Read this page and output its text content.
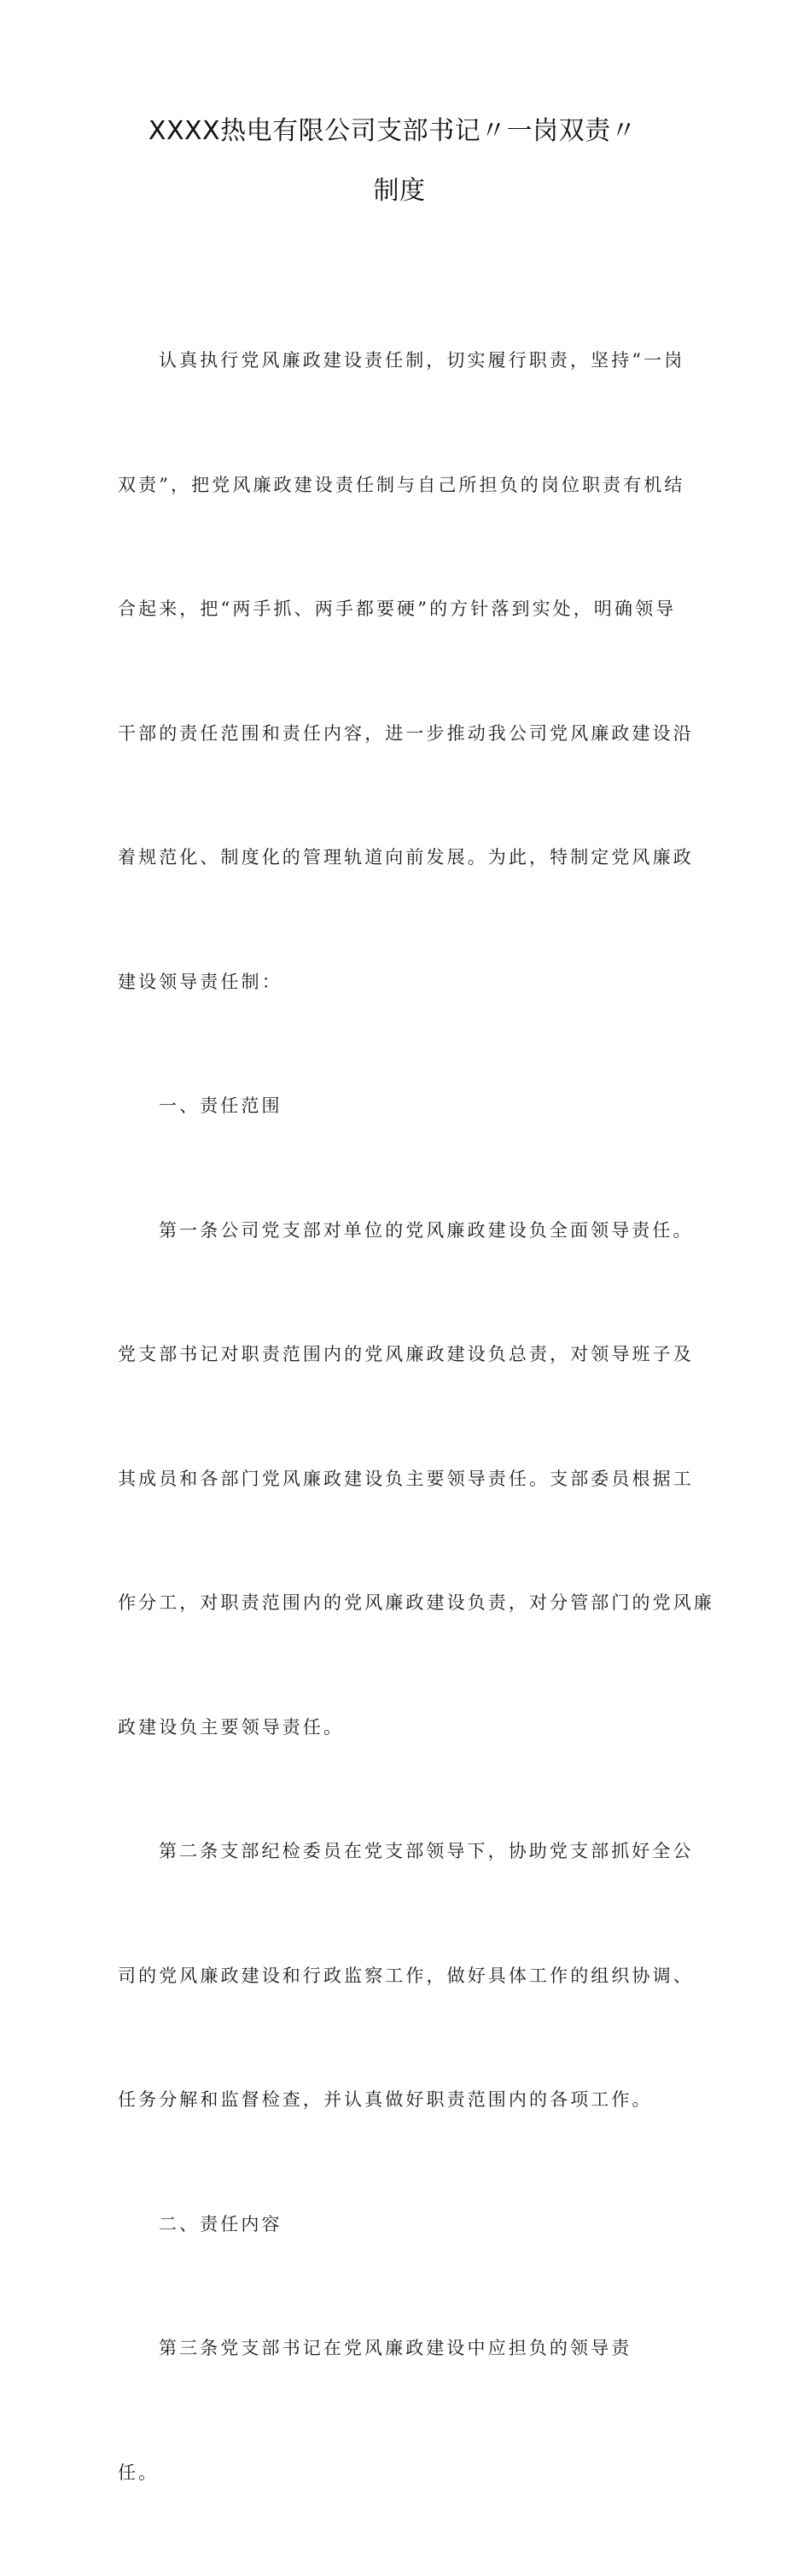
XXXX热电有限公司支部书记〃一岗双责〃
制度

认真执行党风廉政建设责任制，切实履行职责，坚持“一岗

双责”，把党风廉政建设责任制与自己所担负的岗位职责有机结

合起来，把“两手抓、两手都要硬”的方针落到实处，明确领导

干部的责任范围和责任内容，进一步推动我公司党风廉政建设沿

着规范化、制度化的管理轨道向前发展。为此，特制定党风廉政

建设领导责任制：

一、责任范围

第一条公司党支部对单位的党风廉政建设负全面领导责任。

党支部书记对职责范围内的党风廉政建设负总责，对领导班子及

其成员和各部门党风廉政建设负主要领导责任。支部委员根据工

作分工，对职责范围内的党风廉政建设负责，对分管部门的党风廉

政建设负主要领导责任。

第二条支部纪检委员在党支部领导下，协助党支部抓好全公

司的党风廉政建设和行政监察工作，做好具体工作的组织协调、

任务分解和监督检查，并认真做好职责范围内的各项工作。

二、责任内容

第三条党支部书记在党风廉政建设中应担负的领导责

任。
